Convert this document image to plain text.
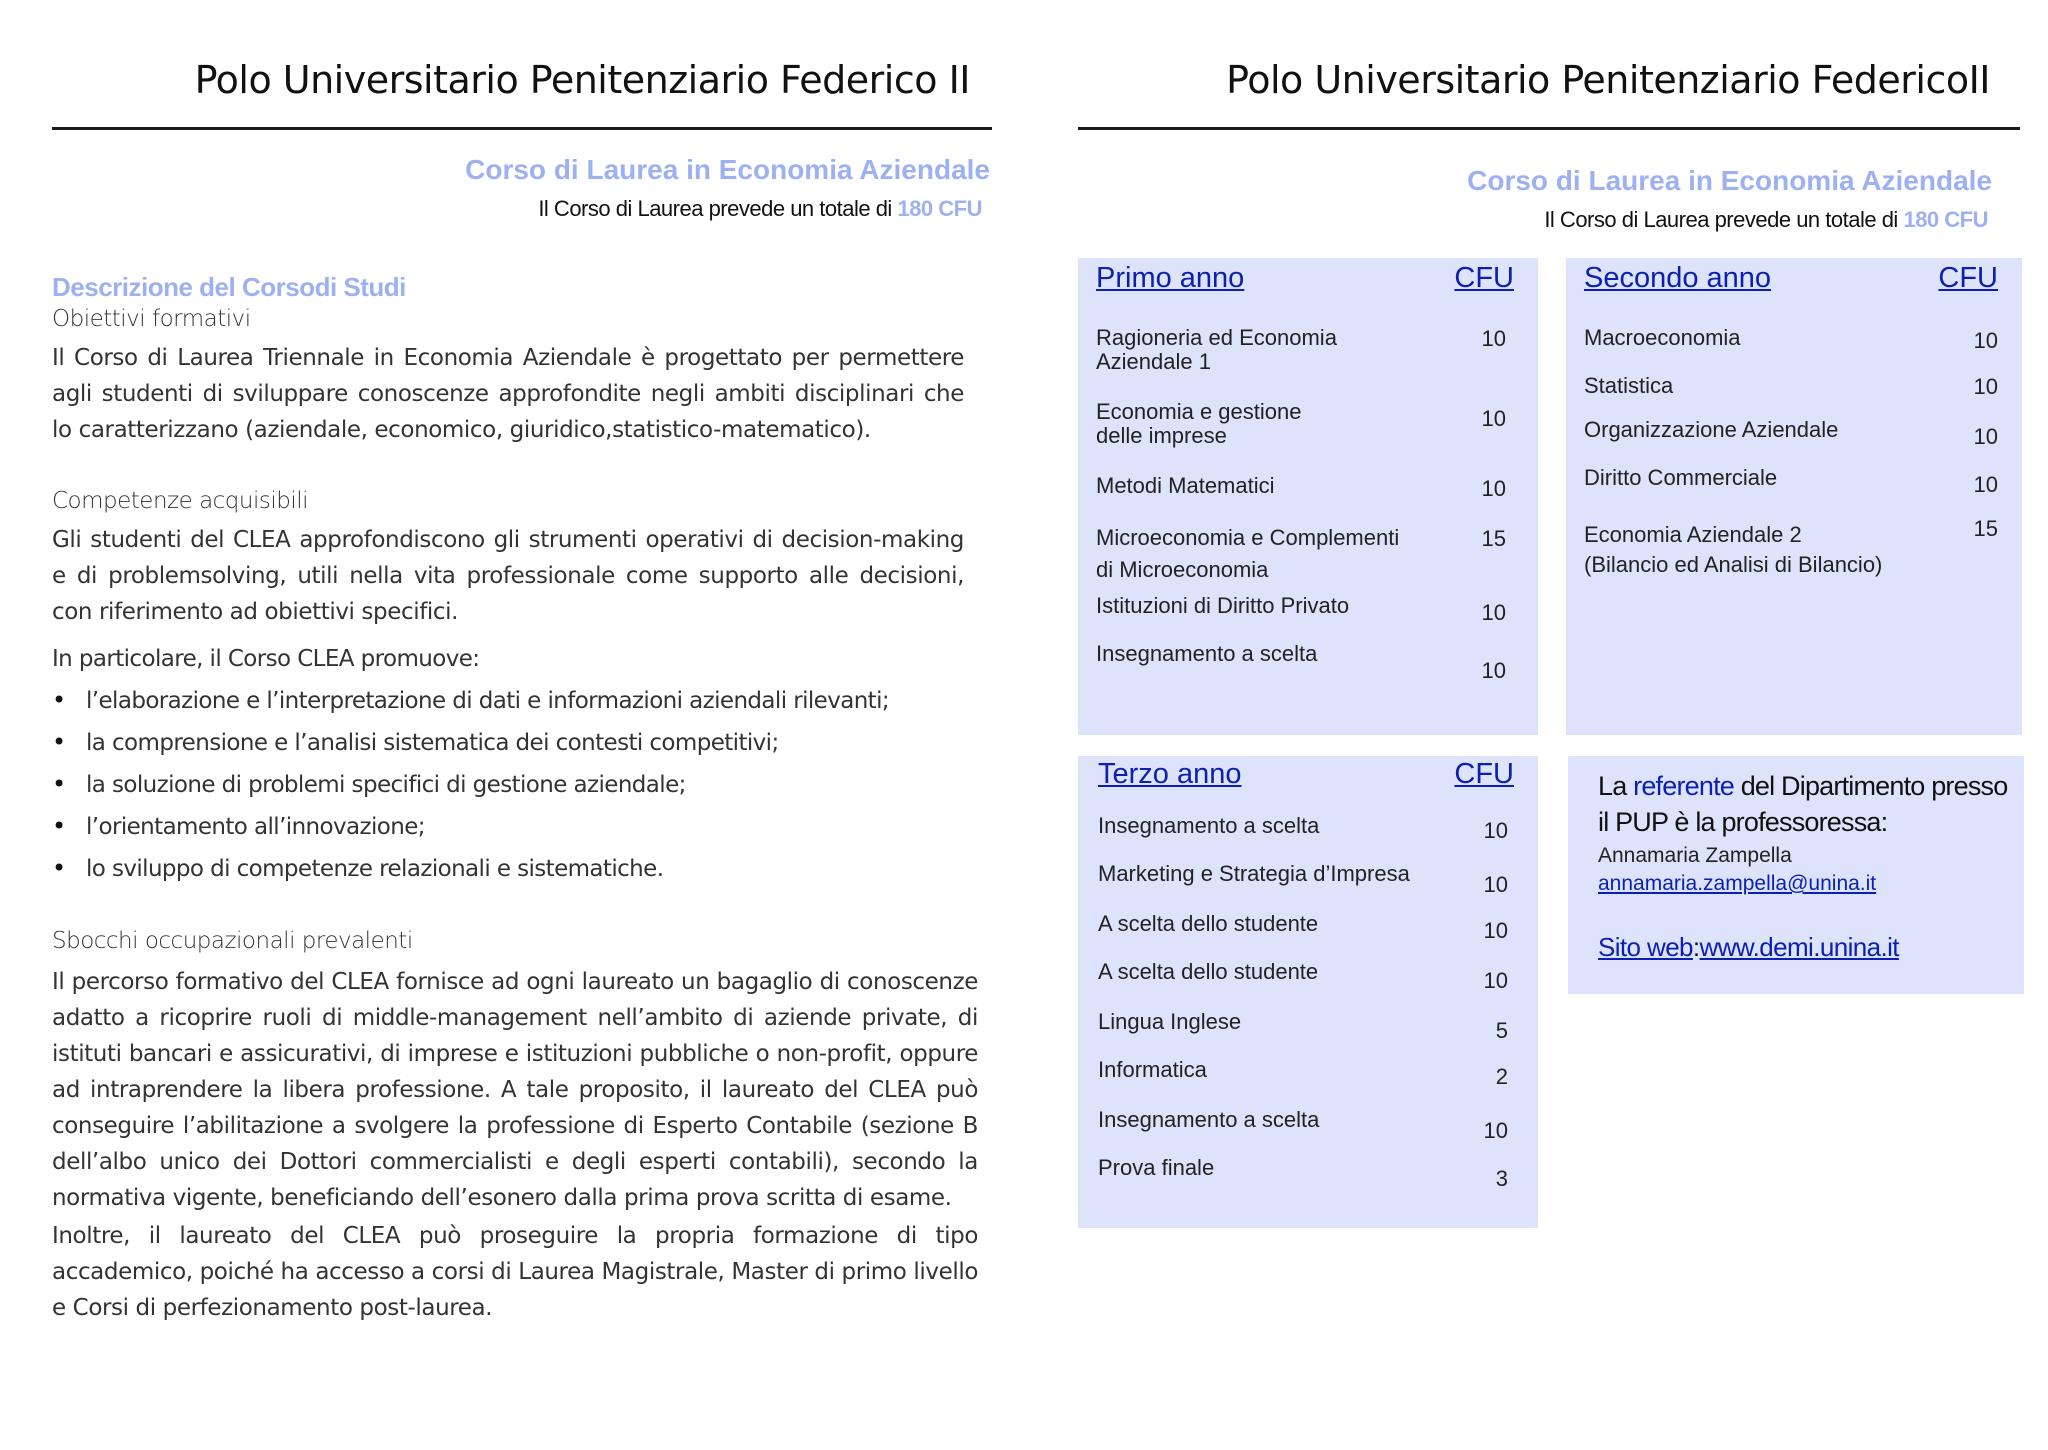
Polo Universitario Penitenziario Federico II
Corso di Laurea in Economia Aziendale
Il Corso di Laurea prevede un totale di 180 CFU
Descrizione del Corsodi Studi
Obiettivi formativi
Il Corso di Laurea Triennale in Economia Aziendale è progettato per permettere agli studenti di sviluppare conoscenze approfondite negli ambiti disciplinari che lo caratterizzano (aziendale, economico, giuridico,statistico-matematico).
Competenze acquisibili
Gli studenti del CLEA approfondiscono gli strumenti operativi di decision-making e di problemsolving, utili nella vita professionale come supporto alle decisioni, con riferimento ad obiettivi specifici.
In particolare, il Corso CLEA promuove:
• l’elaborazione e l’interpretazione di dati e informazioni aziendali rilevanti;
• la comprensione e l’analisi sistematica dei contesti competitivi;
• la soluzione di problemi specifici di gestione aziendale;
• l’orientamento all’innovazione;
• lo sviluppo di competenze relazionali e sistematiche.
Sbocchi occupazionali prevalenti
Il percorso formativo del CLEA fornisce ad ogni laureato un bagaglio di conoscenze adatto a ricoprire ruoli di middle-management nell’ambito di aziende private, di istituti bancari e assicurativi, di imprese e istituzioni pubbliche o non-profit, oppure ad intraprendere la libera professione. A tale proposito, il laureato del CLEA può conseguire l’abilitazione a svolgere la professione di Esperto Contabile (sezione B dell’albo unico dei Dottori commercialisti e degli esperti contabili), secondo la normativa vigente, beneficiando dell’esonero dalla prima prova scritta di esame.
Inoltre, il laureato del CLEA può proseguire la propria formazione di tipo accademico, poiché ha accesso a corsi di Laurea Magistrale, Master di primo livello e Corsi di perfezionamento post-laurea.
Polo Universitario Penitenziario FedericoII
Corso di Laurea in Economia Aziendale
Il Corso di Laurea prevede un totale di 180 CFU
Primo anno	CFU
Ragioneria ed Economia
Aziendale 1
10
Economia e gestione
delle imprese
10
Metodi Matematici	10
Microeconomia e Complementi
di Microeconomia
15
Istituzioni di Diritto Privato	10
Insegnamento a scelta
10
Secondo anno	CFU
Macroeconomia	10
Statistica	10
Organizzazione Aziendale	10
Diritto Commerciale	10
Economia Aziendale 2
(Bilancio ed Analisi di Bilancio)
15
Terzo anno	CFU
Insegnamento a scelta	10
Marketing e Strategia d’Impresa	10
A scelta dello studente	10
A scelta dello studente	10
Lingua Inglese	5
Informatica	2
Insegnamento a scelta	10
Prova finale	3
La referente del Dipartimento presso
il PUP è la professoressa:
Annamaria Zampella
annamaria.zampella@unina.it
Sito web:www.demi.unina.it
